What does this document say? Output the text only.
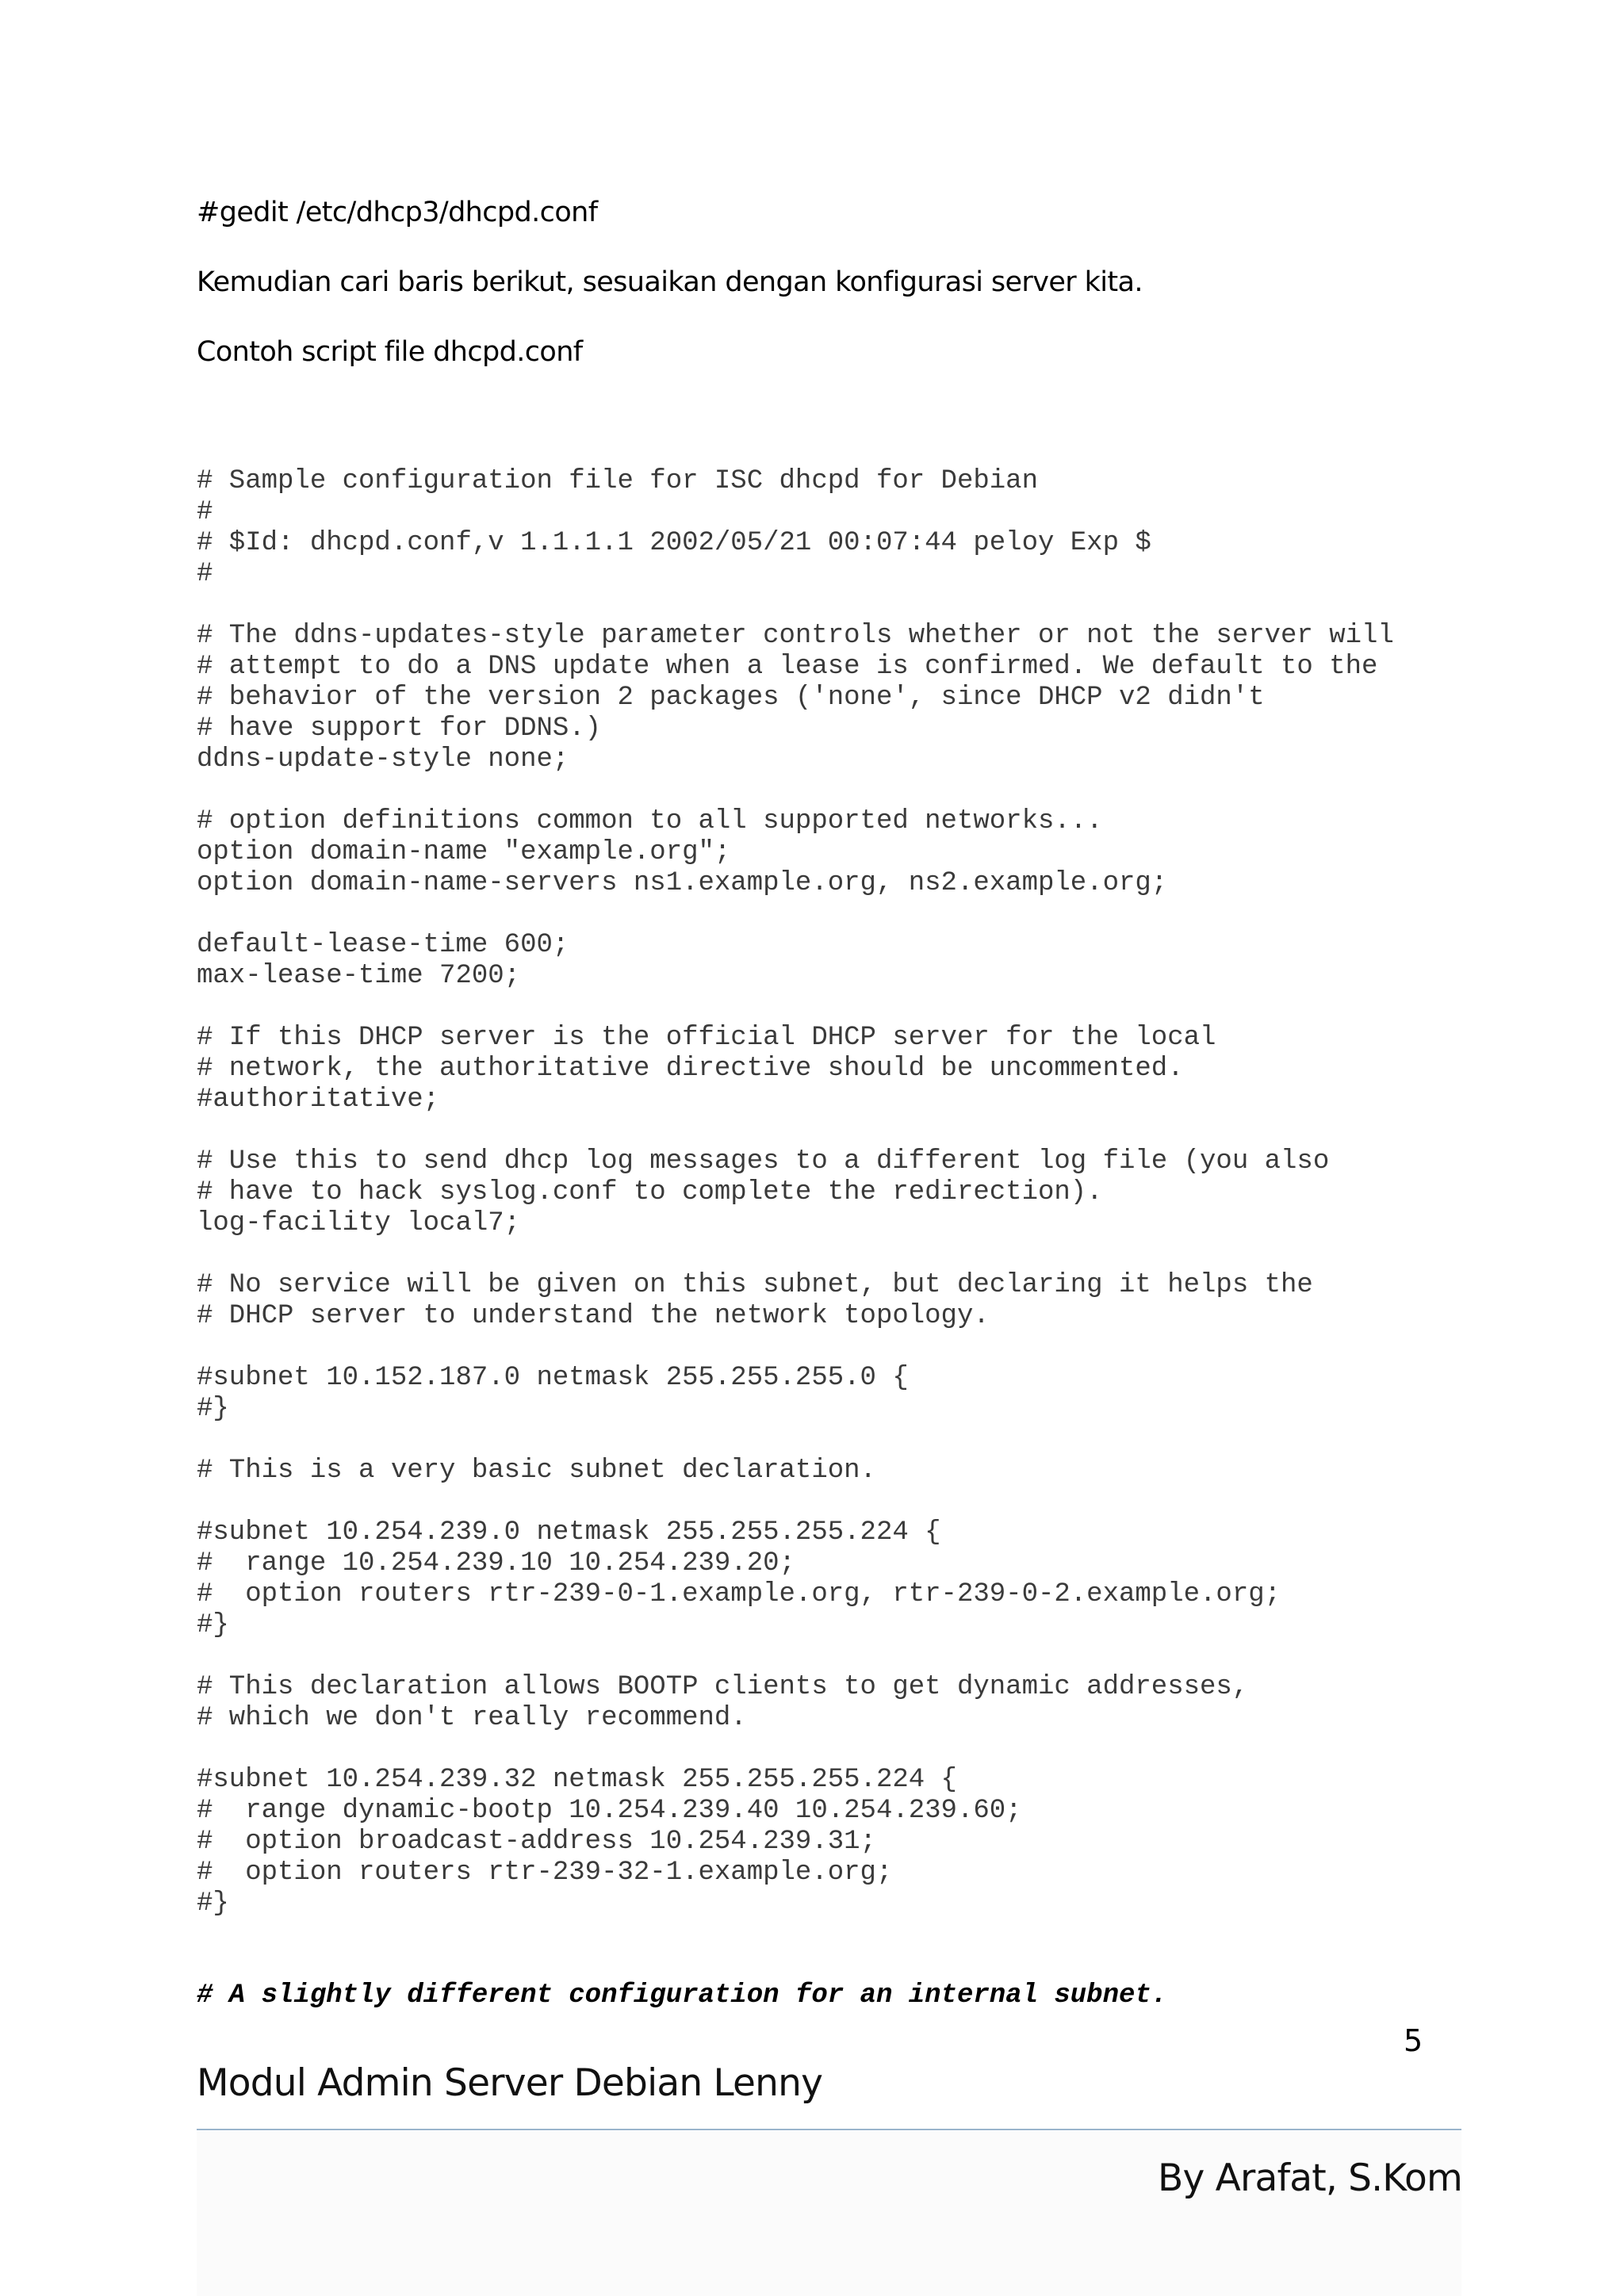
#gedit /etc/dhcp3/dhcpd.conf
Kemudian cari baris berikut, sesuaikan dengan konfigurasi server kita.
Contoh script file dhcpd.conf
# Sample configuration file for ISC dhcpd for Debian
#
# $Id: dhcpd.conf,v 1.1.1.1 2002/05/21 00:07:44 peloy Exp $
#
# The ddns-updates-style parameter controls whether or not the server will
# attempt to do a DNS update when a lease is confirmed. We default to the
# behavior of the version 2 packages ('none', since DHCP v2 didn't
# have support for DDNS.)
ddns-update-style none;
# option definitions common to all supported networks...
option domain-name "example.org";
option domain-name-servers ns1.example.org, ns2.example.org;
default-lease-time 600;
max-lease-time 7200;
# If this DHCP server is the official DHCP server for the local
# network, the authoritative directive should be uncommented.
#authoritative;
# Use this to send dhcp log messages to a different log file (you also
# have to hack syslog.conf to complete the redirection).
log-facility local7;
# No service will be given on this subnet, but declaring it helps the
# DHCP server to understand the network topology.
#subnet 10.152.187.0 netmask 255.255.255.0 {
#}
# This is a very basic subnet declaration.
#subnet 10.254.239.0 netmask 255.255.255.224 {
#  range 10.254.239.10 10.254.239.20;
#  option routers rtr-239-0-1.example.org, rtr-239-0-2.example.org;
#}
# This declaration allows BOOTP clients to get dynamic addresses,
# which we don't really recommend.
#subnet 10.254.239.32 netmask 255.255.255.224 {
#  range dynamic-bootp 10.254.239.40 10.254.239.60;
#  option broadcast-address 10.254.239.31;
#  option routers rtr-239-32-1.example.org;
#}
# A slightly different configuration for an internal subnet.
5
Modul Admin Server Debian Lenny
By Arafat, S.Kom
